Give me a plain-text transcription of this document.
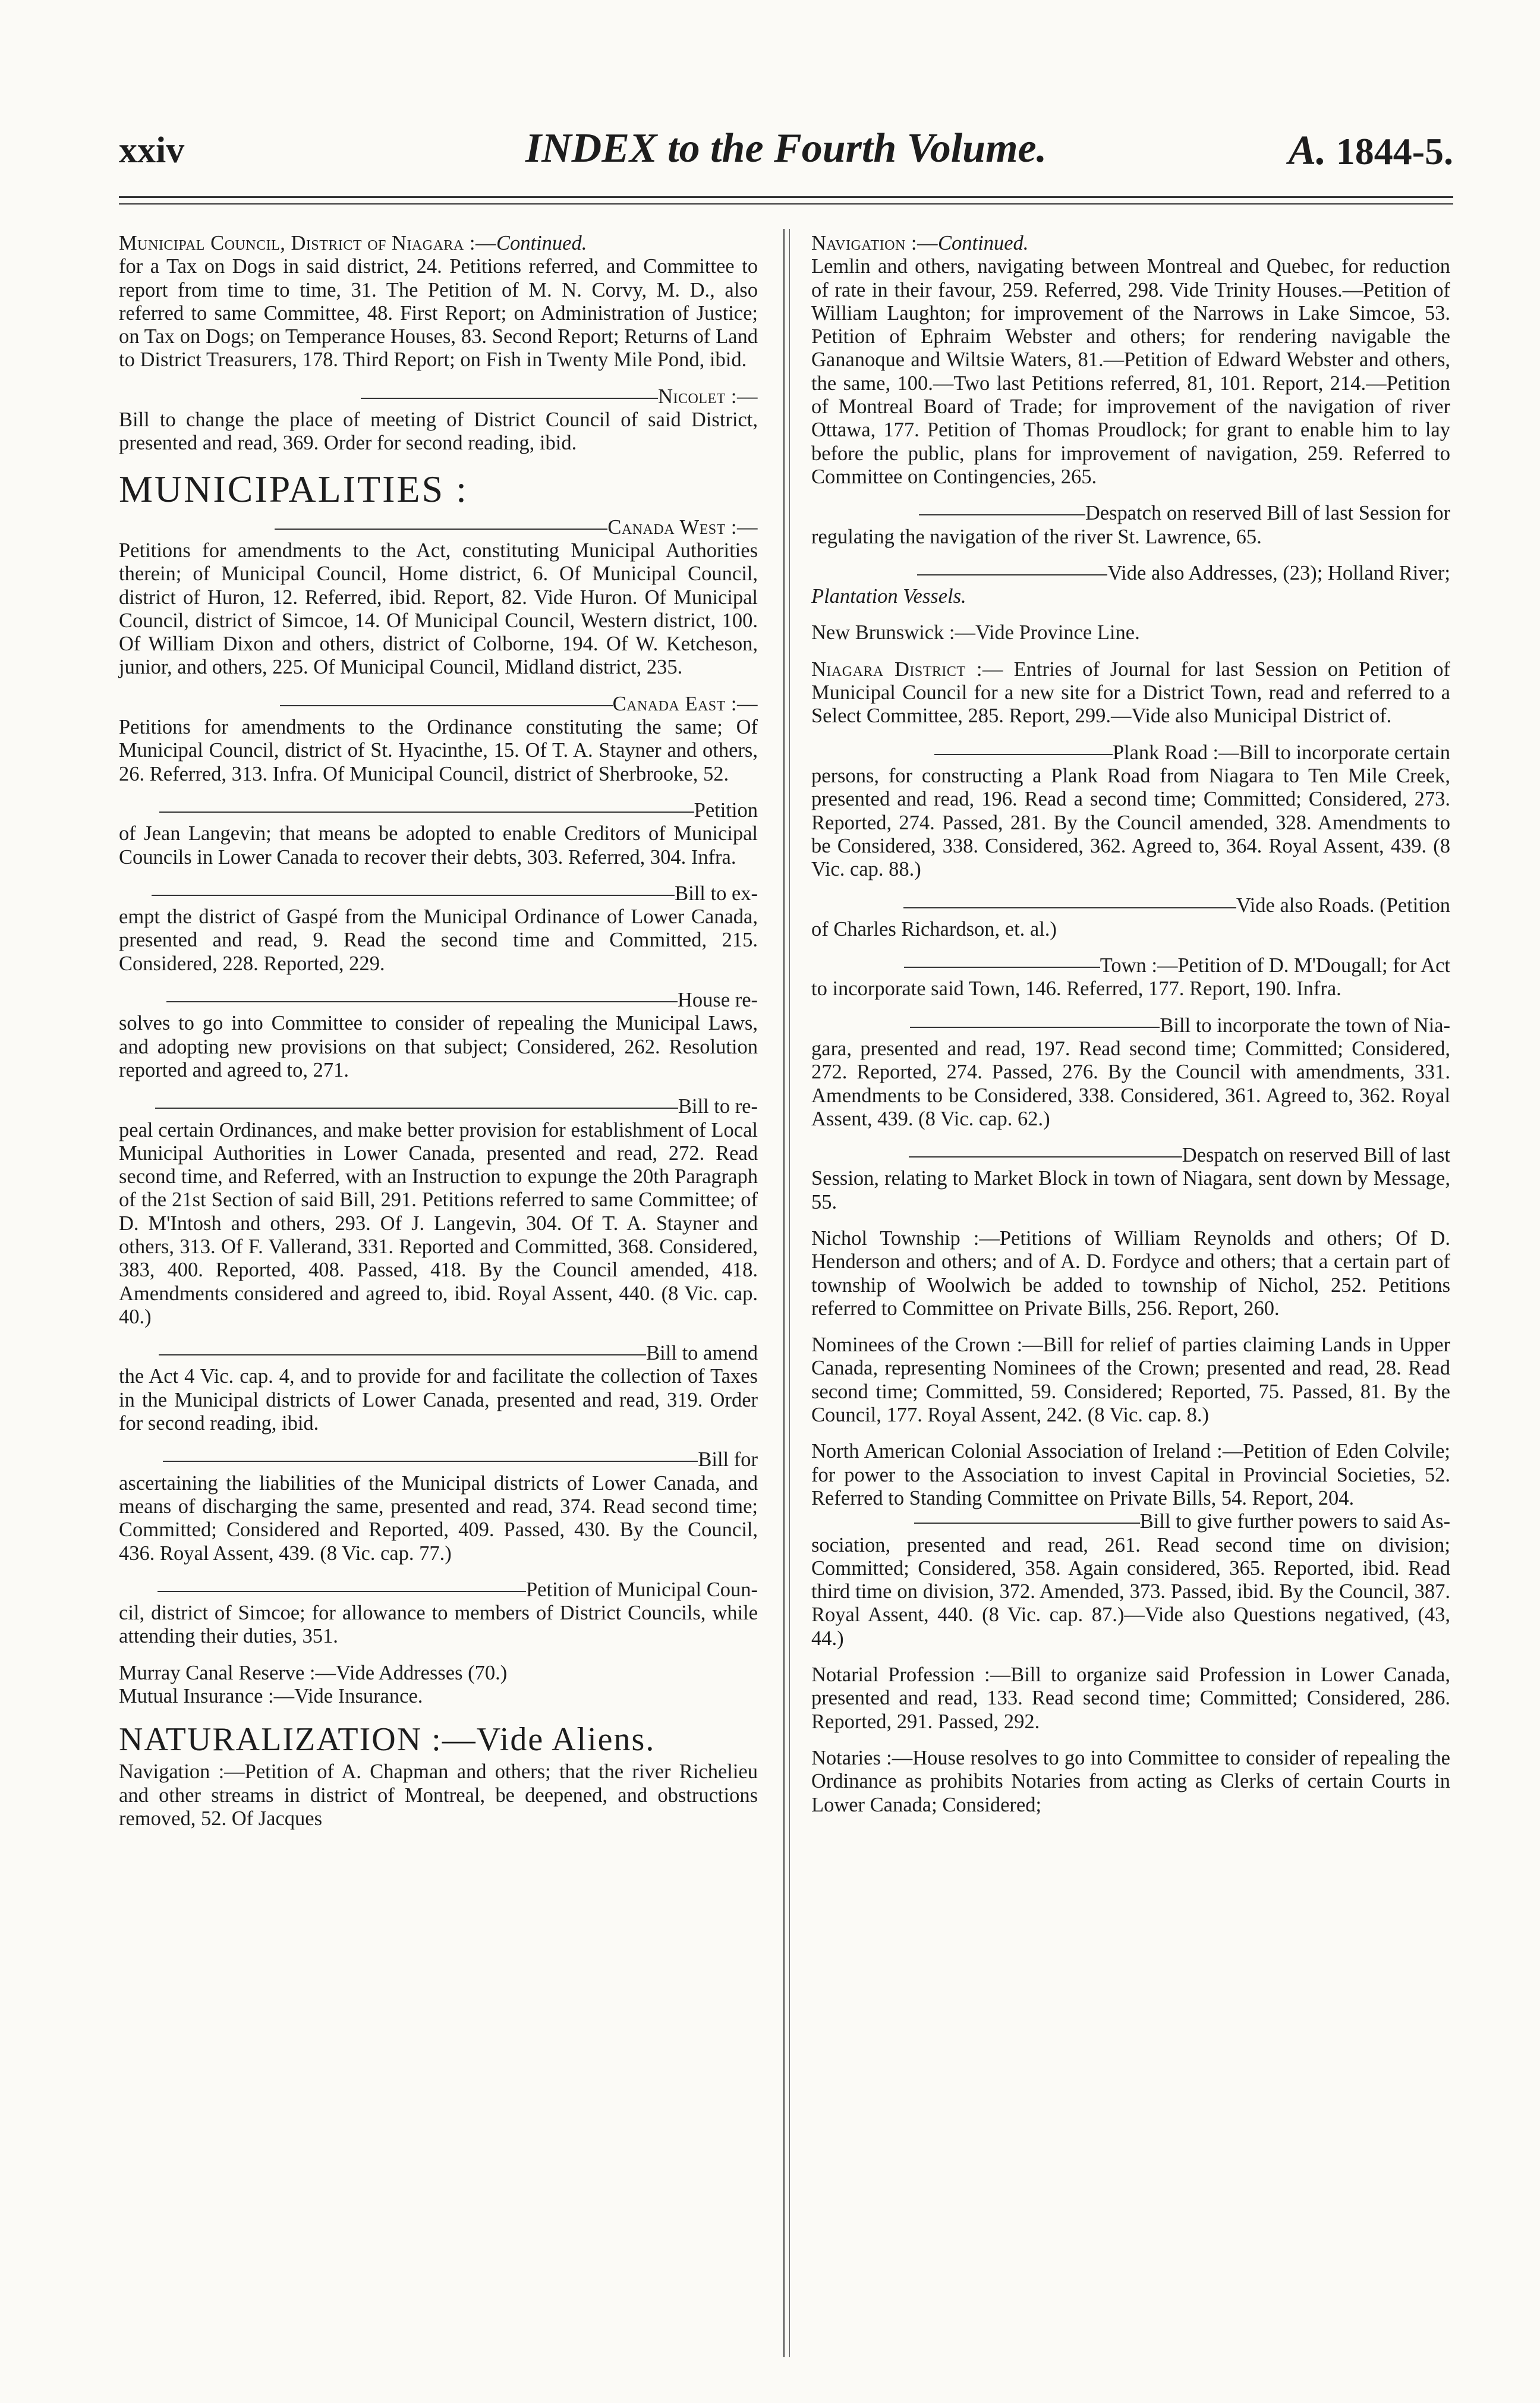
xxiv	INDEX to the Fourth Volume.	A. 1844-5.

Municipal Council, District of Niagara :—Continued.
for a Tax on Dogs in said district, 24. Petitions referred, and Committee to report from time to time, 31. The Petition of M. N. Corvy, M. D., also referred to same Committee, 48. First Report; on Administration of Justice; on Tax on Dogs; on Temperance Houses, 83. Second Report; Returns of Land to District Treasurers, 178. Third Report; on Fish in Twenty Mile Pond, ibid.

Nicolet :—
Bill to change the place of meeting of District Council of said District, presented and read, 369. Order for second reading, ibid.

MUNICIPALITIES :

Canada West :—
Petitions for amendments to the Act, constituting Municipal Authorities therein; of Municipal Council, Home district, 6. Of Municipal Council, district of Huron, 12. Referred, ibid. Report, 82. Vide Huron. Of Municipal Council, district of Simcoe, 14. Of Municipal Council, Western district, 100. Of William Dixon and others, district of Colborne, 194. Of W. Ketcheson, junior, and others, 225. Of Municipal Council, Midland district, 235.

Canada East :—
Petitions for amendments to the Ordinance constituting the same; Of Municipal Council, district of St. Hyacinthe, 15. Of T. A. Stayner and others, 26. Referred, 313. Infra. Of Municipal Council, district of Sherbrooke, 52.

Petition
of Jean Langevin; that means be adopted to enable Creditors of Municipal Councils in Lower Canada to recover their debts, 303. Referred, 304. Infra.

Bill to ex-
empt the district of Gaspé from the Municipal Ordinance of Lower Canada, presented and read, 9. Read the second time and Committed, 215. Considered, 228. Reported, 229.

House re-
solves to go into Committee to consider of repealing the Municipal Laws, and adopting new provisions on that subject; Considered, 262. Resolution reported and agreed to, 271.

Bill to re-
peal certain Ordinances, and make better provision for establishment of Local Municipal Authorities in Lower Canada, presented and read, 272. Read second time, and Referred, with an Instruction to expunge the 20th Paragraph of the 21st Section of said Bill, 291. Petitions referred to same Committee; of D. M'Intosh and others, 293. Of J. Langevin, 304. Of T. A. Stayner and others, 313. Of F. Vallerand, 331. Reported and Committed, 368. Considered, 383, 400. Reported, 408. Passed, 418. By the Council amended, 418. Amendments considered and agreed to, ibid. Royal Assent, 440. (8 Vic. cap. 40.)

Bill to amend
the Act 4 Vic. cap. 4, and to provide for and facilitate the collection of Taxes in the Municipal districts of Lower Canada, presented and read, 319. Order for second reading, ibid.

Bill for
ascertaining the liabilities of the Municipal districts of Lower Canada, and means of discharging the same, presented and read, 374. Read second time; Committed; Considered and Reported, 409. Passed, 430. By the Council, 436. Royal Assent, 439. (8 Vic. cap. 77.)

Petition of Municipal Coun-
cil, district of Simcoe; for allowance to members of District Councils, while attending their duties, 351.

Murray Canal Reserve :—Vide Addresses (70.)

Mutual Insurance :—Vide Insurance.

NATURALIZATION :—Vide Aliens.

Navigation :—Petition of A. Chapman and others; that the river Richelieu and other streams in district of Montreal, be deepened, and obstructions removed, 52. Of Jacques

Navigation :—Continued.
Lemlin and others, navigating between Montreal and Quebec, for reduction of rate in their favour, 259. Referred, 298. Vide Trinity Houses.—Petition of William Laughton; for improvement of the Narrows in Lake Simcoe, 53. Petition of Ephraim Webster and others; for rendering navigable the Gananoque and Wiltsie Waters, 81.—Petition of Edward Webster and others, the same, 100.—Two last Petitions referred, 81, 101. Report, 214.—Petition of Montreal Board of Trade; for improvement of the navigation of river Ottawa, 177. Petition of Thomas Proudlock; for grant to enable him to lay before the public, plans for improvement of navigation, 259. Referred to Committee on Contingencies, 265.

Despatch on reserved Bill of last Session for
regulating the navigation of the river St. Lawrence, 65.

Vide also Addresses, (23); Holland River;
Plantation Vessels.

New Brunswick :—Vide Province Line.

Niagara District :— Entries of Journal for last Session on Petition of Municipal Council for a new site for a District Town, read and referred to a Select Committee, 285. Report, 299.—Vide also Municipal District of.

Plank Road :—Bill to incorporate certain
persons, for constructing a Plank Road from Niagara to Ten Mile Creek, presented and read, 196. Read a second time; Committed; Considered, 273. Reported, 274. Passed, 281. By the Council amended, 328. Amendments to be Considered, 338. Considered, 362. Agreed to, 364. Royal Assent, 439. (8 Vic. cap. 88.)

Vide also Roads. (Petition
of Charles Richardson, et. al.)

Town :—Petition of D. M'Dougall; for Act
to incorporate said Town, 146. Referred, 177. Report, 190. Infra.

Bill to incorporate the town of Nia-
gara, presented and read, 197. Read second time; Committed; Considered, 272. Reported, 274. Passed, 276. By the Council with amendments, 331. Amendments to be Considered, 338. Considered, 361. Agreed to, 362. Royal Assent, 439. (8 Vic. cap. 62.)

Despatch on reserved Bill of last
Session, relating to Market Block in town of Niagara, sent down by Message, 55.

Nichol Township :—Petitions of William Reynolds and others; Of D. Henderson and others; and of A. D. Fordyce and others; that a certain part of township of Woolwich be added to township of Nichol, 252. Petitions referred to Committee on Private Bills, 256. Report, 260.

Nominees of the Crown :—Bill for relief of parties claiming Lands in Upper Canada, representing Nominees of the Crown; presented and read, 28. Read second time; Committed, 59. Considered; Reported, 75. Passed, 81. By the Council, 177. Royal Assent, 242. (8 Vic. cap. 8.)

North American Colonial Association of Ireland :—Petition of Eden Colvile; for power to the Association to invest Capital in Provincial Societies, 52. Referred to Standing Committee on Private Bills, 54. Report, 204.
Bill to give further powers to said As-
sociation, presented and read, 261. Read second time on division; Committed; Considered, 358. Again considered, 365. Reported, ibid. Read third time on division, 372. Amended, 373. Passed, ibid. By the Council, 387. Royal Assent, 440. (8 Vic. cap. 87.)—Vide also Questions negatived, (43, 44.)

Notarial Profession :—Bill to organize said Profession in Lower Canada, presented and read, 133. Read second time; Committed; Considered, 286. Reported, 291. Passed, 292.

Notaries :—House resolves to go into Committee to consider of repealing the Ordinance as prohibits Notaries from acting as Clerks of certain Courts in Lower Canada; Considered;
